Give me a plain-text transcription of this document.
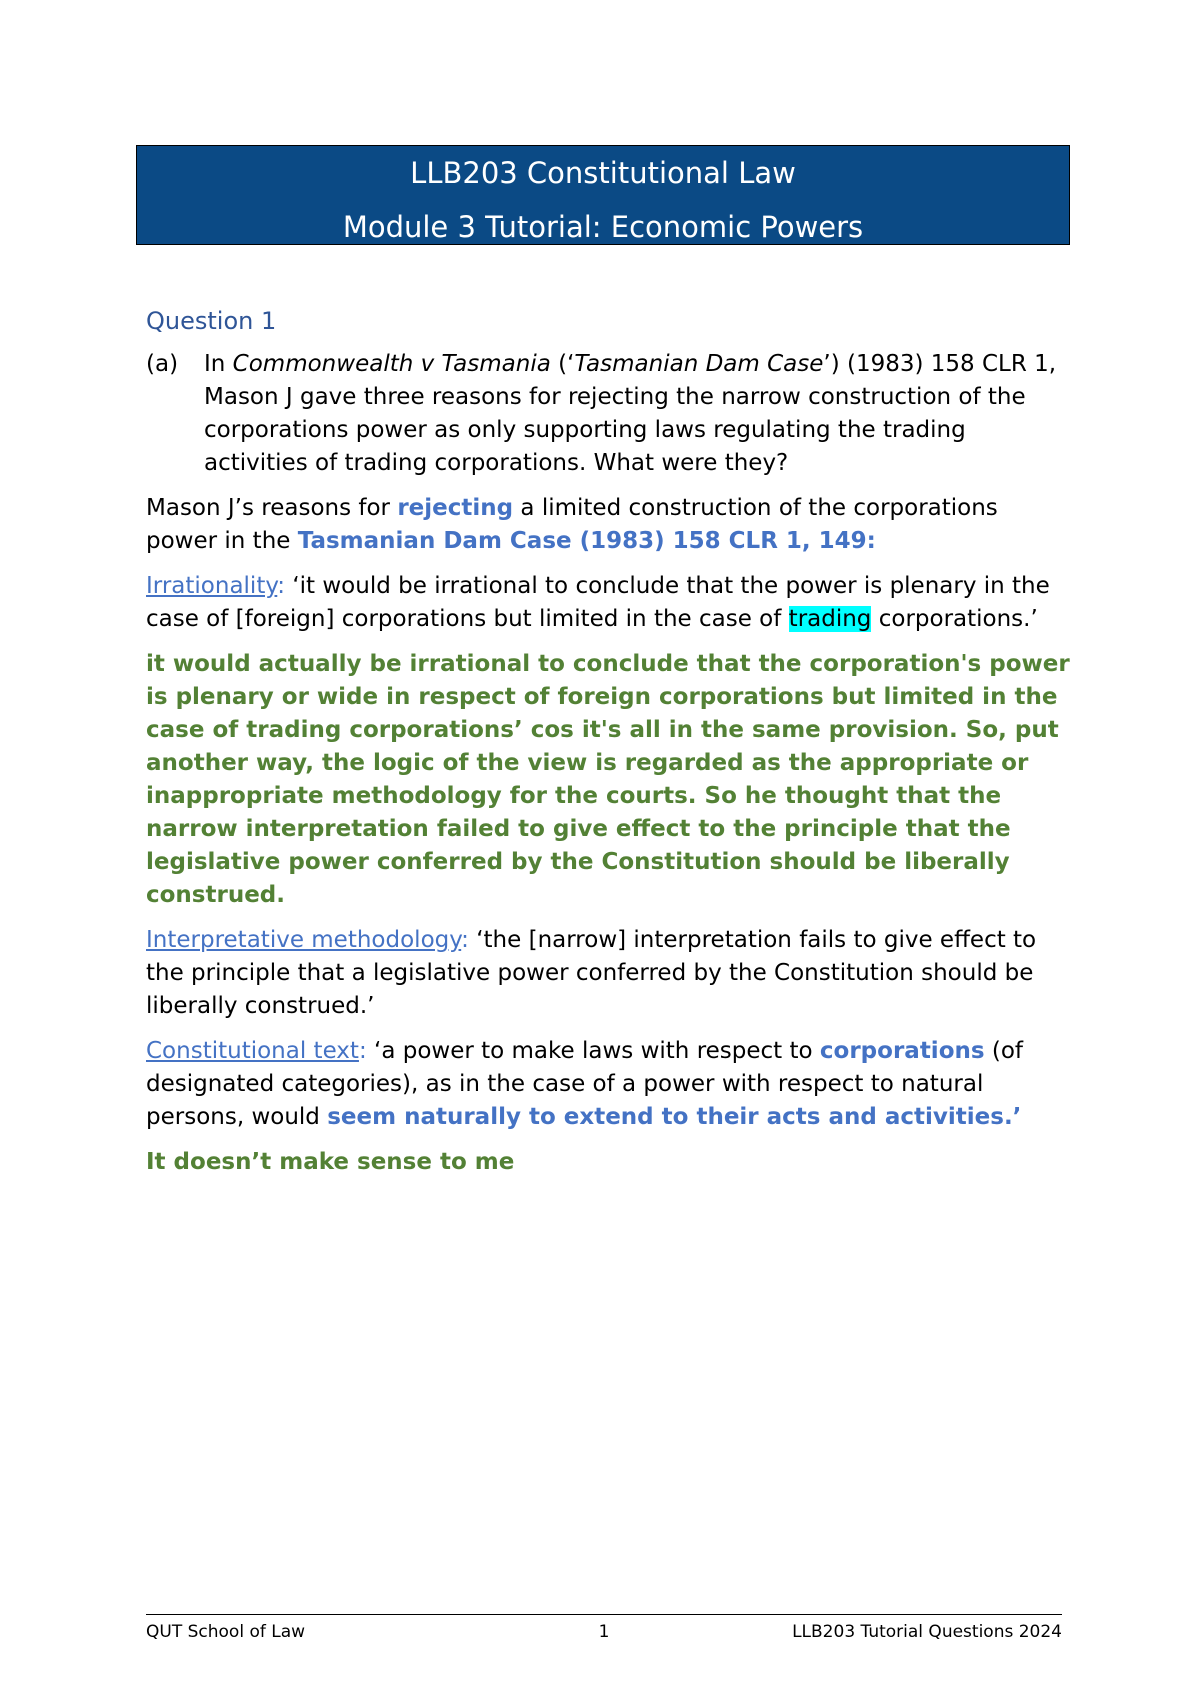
LLB203 Constitutional Law
Module 3 Tutorial: Economic Powers
Question 1
(a)	In Commonwealth v Tasmania (‘Tasmanian Dam Case’) (1983) 158 CLR 1, Mason J gave three reasons for rejecting the narrow construction of the corporations power as only supporting laws regulating the trading activities of trading corporations. What were they?

Mason J’s reasons for rejecting a limited construction of the corporations power in the Tasmanian Dam Case (1983) 158 CLR 1, 149:

Irrationality: ‘it would be irrational to conclude that the power is plenary in the case of [foreign] corporations but limited in the case of trading corporations.’

it would actually be irrational to conclude that the corporation's power is plenary or wide in respect of foreign corporations but limited in the case of trading corporations’ cos it's all in the same provision. So, put another way, the logic of the view is regarded as the appropriate or inappropriate methodology for the courts. So he thought that the narrow interpretation failed to give effect to the principle that the legislative power conferred by the Constitution should be liberally construed.

Interpretative methodology: ‘the [narrow] interpretation fails to give effect to the principle that a legislative power conferred by the Constitution should be liberally construed.’

Constitutional text: ‘a power to make laws with respect to corporations (of designated categories), as in the case of a power with respect to natural persons, would seem naturally to extend to their acts and activities.’

It doesn’t make sense to me

QUT School of Law	1	LLB203 Tutorial Questions 2024
